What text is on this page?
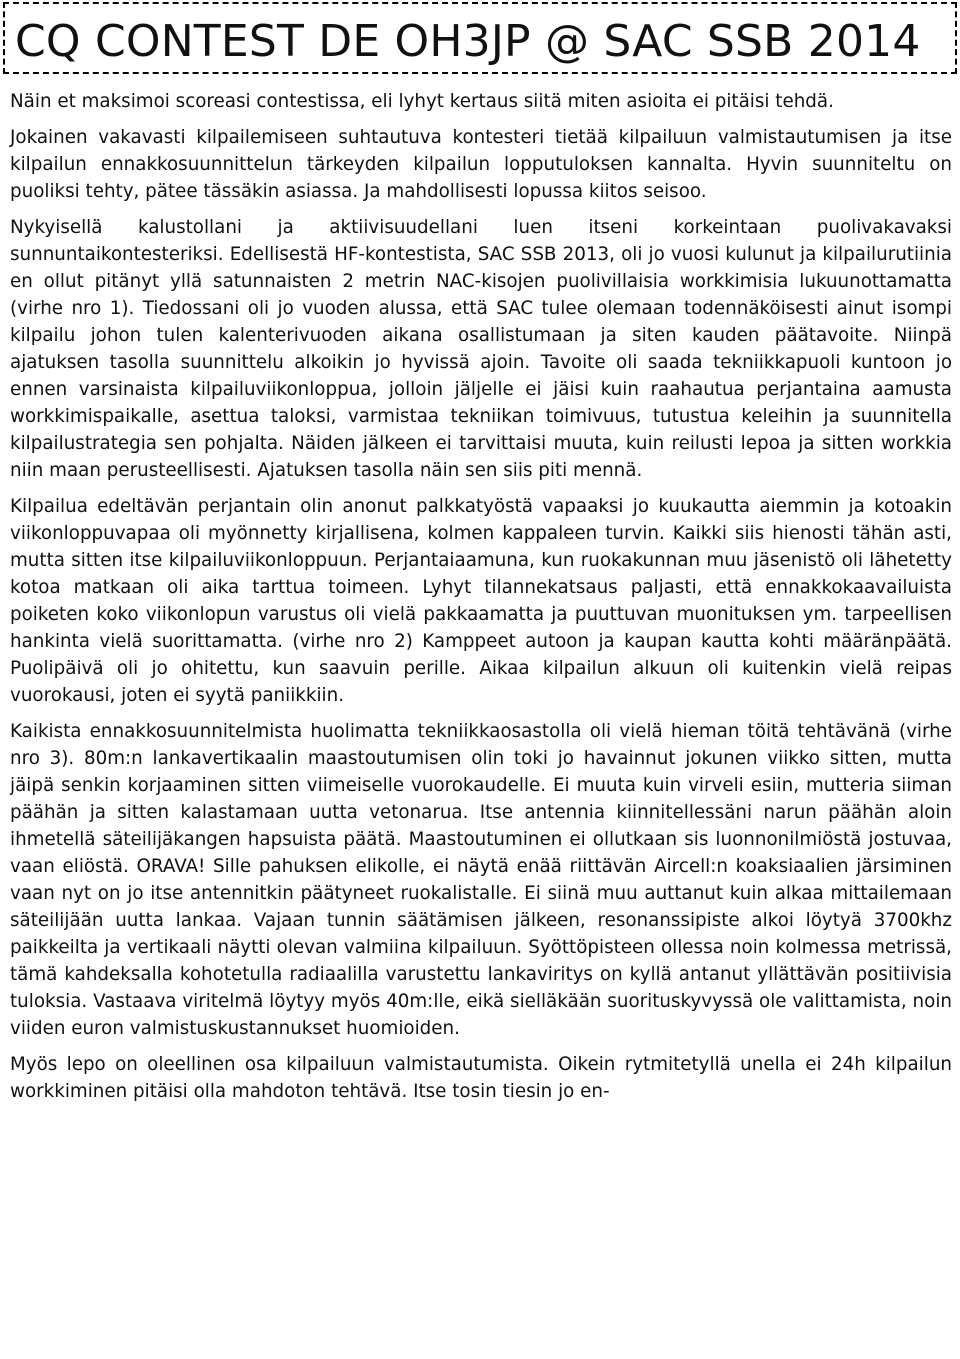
CQ CONTEST DE OH3JP @ SAC SSB 2014

Näin et maksimoi scoreasi contestissa, eli lyhyt kertaus siitä miten asioita ei pitäisi tehdä.

Jokainen vakavasti kilpailemiseen suhtautuva kontesteri tietää kilpailuun valmistautumisen ja itse kilpailun ennakkosuunnittelun tärkeyden kilpailun lopputuloksen kannalta. Hyvin suunniteltu on puoliksi tehty, pätee tässäkin asiassa. Ja mahdollisesti lopussa kiitos seisoo.

Nykyisellä kalustollani ja aktiivisuudellani luen itseni korkeintaan puolivakavaksi sunnuntaikontesteriksi. Edellisestä HF-kontestista, SAC SSB 2013, oli jo vuosi kulunut ja kilpailurutiinia en ollut pitänyt yllä satunnaisten 2 metrin NAC-kisojen puolivillaisia workkimisia lukuunottamatta (virhe nro 1). Tiedossani oli jo vuoden alussa, että SAC tulee olemaan todennäköisesti ainut isompi kilpailu johon tulen kalenterivuoden aikana osallistumaan ja siten kauden päätavoite. Niinpä ajatuksen tasolla suunnittelu alkoikin jo hyvissä ajoin. Tavoite oli saada tekniikkapuoli kuntoon jo ennen varsinaista kilpailuviikonloppua, jolloin jäljelle ei jäisi kuin raahautua perjantaina aamusta workkimispaikalle, asettua taloksi, varmistaa tekniikan toimivuus, tutustua keleihin ja suunnitella kilpailustrategia sen pohjalta. Näiden jälkeen ei tarvittaisi muuta, kuin reilusti lepoa ja sitten workkia niin maan perusteellisesti. Ajatuksen tasolla näin sen siis piti mennä.

Kilpailua edeltävän perjantain olin anonut palkkatyöstä vapaaksi jo kuukautta aiemmin ja kotoakin viikonloppuvapaa oli myönnetty kirjallisena, kolmen kappaleen turvin. Kaikki siis hienosti tähän asti, mutta sitten itse kilpailuviikonloppuun. Perjantaiaamuna, kun ruokakunnan muu jäsenistö oli lähetetty kotoa matkaan oli aika tarttua toimeen. Lyhyt tilannekatsaus paljasti, että ennakkokaavailuista poiketen koko viikonlopun varustus oli vielä pakkaamatta ja puuttuvan muonituksen ym. tarpeellisen hankinta vielä suorittamatta. (virhe nro 2) Kamppeet autoon ja kaupan kautta kohti määränpäätä. Puolipäivä oli jo ohitettu, kun saavuin perille. Aikaa kilpailun alkuun oli kuitenkin vielä reipas vuorokausi, joten ei syytä paniikkiin.

Kaikista ennakkosuunnitelmista huolimatta tekniikkaosastolla oli vielä hieman töitä tehtävänä (virhe nro 3). 80m:n lankavertikaalin maastoutumisen olin toki jo havainnut jokunen viikko sitten, mutta jäipä senkin korjaaminen sitten viimeiselle vuorokaudelle. Ei muuta kuin virveli esiin, mutteria siiman päähän ja sitten kalastamaan uutta vetonarua. Itse antennia kiinnitellessäni narun päähän aloin ihmetellä säteilijäkangen hapsuista päätä. Maastoutuminen ei ollutkaan sis luonnonilmiöstä jostuvaa, vaan eliöstä. ORAVA! Sille pahuksen elikolle, ei näytä enää riittävän Aircell:n koaksiaalien järsiminen vaan nyt on jo itse antennitkin päätyneet ruokalistalle. Ei siinä muu auttanut kuin alkaa mittailemaan säteilijään uutta lankaa. Vajaan tunnin säätämisen jälkeen, resonanssipiste alkoi löytyä 3700khz paikkeilta ja vertikaali näytti olevan valmiina kilpailuun. Syöttöpisteen ollessa noin kolmessa metrissä, tämä kahdeksalla kohotetulla radiaalilla varustettu lankaviritys on kyllä antanut yllättävän positiivisia tuloksia. Vastaava viritelmä löytyy myös 40m:lle, eikä sielläkään suorituskyvyssä ole valittamista, noin viiden euron valmistuskustannukset huomioiden.

Myös lepo on oleellinen osa kilpailuun valmistautumista. Oikein rytmitetyllä unella ei 24h kilpailun workkiminen pitäisi olla mahdoton tehtävä. Itse tosin tiesin jo en-
